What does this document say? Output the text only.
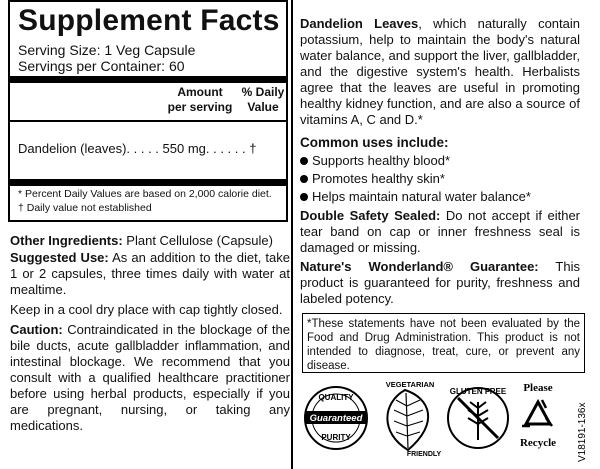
Supplement Facts
Serving Size: 1 Veg Capsule
Servings per Container: 60
Amount
per serving
% Daily
Value
Dandelion (leaves). . . . . 550 mg. . . . . . †
* Percent Daily Values are based on 2,000 calorie diet.
† Daily value not established
Other Ingredients: Plant Cellulose (Capsule)
Suggested Use: As an addition to the diet, take 1 or 2 capsules, three times daily with water at mealtime.
Keep in a cool dry place with cap tightly closed.
Caution: Contraindicated in the blockage of the bile ducts, acute gallbladder inflammation, and intestinal blockage. We recommend that you consult with a qualified healthcare practitioner before using herbal products, especially if you are pregnant, nursing, or taking any medications.
Dandelion Leaves, which naturally contain potassium, help to maintain the body's natural water balance, and support the liver, gallbladder, and the digestive system's health. Herbalists agree that the leaves are useful in promoting healthy kidney function, and are also a source of vitamins A, C and D.*
Common uses include:
Supports healthy blood*
Promotes healthy skin*
Helps maintain natural water balance*
Double Safety Sealed: Do not accept if either tear band on cap or inner freshness seal is damaged or missing.
Nature's Wonderland® Guarantee: This product is guaranteed for purity, freshness and labeled potency.
*These statements have not been evaluated by the Food and Drug Administration. This product is not intended to diagnose, treat, cure, or prevent any disease.
QUALITY
Guaranteed
PURITY
VEGETARIAN
FRIENDLY
GLUTEN FREE Please
Recycle V18191-136x
